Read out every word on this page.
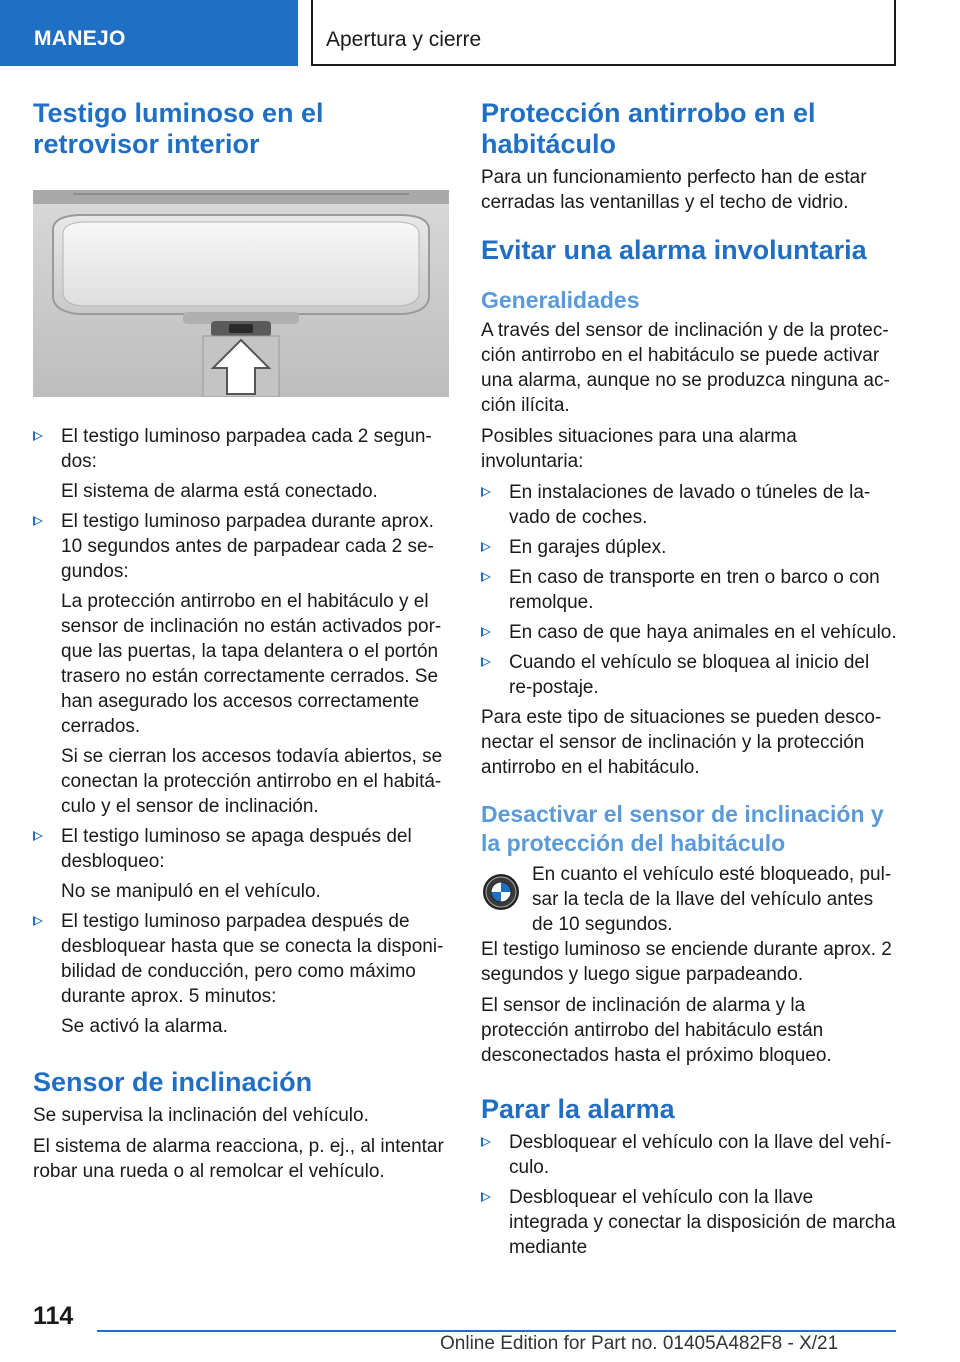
MANEJO	Apertura y cierre
Testigo luminoso en el retrovisor interior

El testigo luminoso parpadea cada 2 segun‐dos:

El sistema de alarma está conectado.

El testigo luminoso parpadea durante aprox. 10 segundos antes de parpadear cada 2 se‐gundos:

La protección antirrobo en el habitáculo y el sensor de inclinación no están activados por‐que las puertas, la tapa delantera o el portón trasero no están correctamente cerrados. Se han asegurado los accesos correctamente cerrados.

Si se cierran los accesos todavía abiertos, se conectan la protección antirrobo en el habitá‐culo y el sensor de inclinación.

El testigo luminoso se apaga después del desbloqueo:

No se manipuló en el vehículo.

El testigo luminoso parpadea después de desbloquear hasta que se conecta la disponi‐bilidad de conducción, pero como máximo durante aprox. 5 minutos:

Se activó la alarma.

Sensor de inclinación

Se supervisa la inclinación del vehículo.

El sistema de alarma reacciona, p. ej., al intentar robar una rueda o al remolcar el vehículo.

Protección antirrobo en el habitáculo

Para un funcionamiento perfecto han de estar cerradas las ventanillas y el techo de vidrio.

Evitar una alarma involuntaria
Generalidades

A través del sensor de inclinación y de la protec‐ción antirrobo en el habitáculo se puede activar una alarma, aunque no se produzca ninguna ac‐ción ilícita.

Posibles situaciones para una alarma involuntaria:

En instalaciones de lavado o túneles de la‐vado de coches.

En garajes dúplex.

En caso de transporte en tren o barco o con remolque.

En caso de que haya animales en el vehículo.

Cuando el vehículo se bloquea al inicio del re‐postaje.

Para este tipo de situaciones se pueden desco‐nectar el sensor de inclinación y la protección antirrobo en el habitáculo.

Desactivar el sensor de inclinación y la protección del habitáculo

En cuanto el vehículo esté bloqueado, pul‐sar la tecla de la llave del vehículo antes de 10 segundos.

El testigo luminoso se enciende durante aprox. 2 segundos y luego sigue parpadeando.

El sensor de inclinación de alarma y la protección antirrobo del habitáculo están desconectados hasta el próximo bloqueo.

Parar la alarma

Desbloquear el vehículo con la llave del vehí‐culo.

Desbloquear el vehículo con la llave integrada y conectar la disposición de marcha mediante

114
Online Edition for Part no. 01405A482F8 - X/21
